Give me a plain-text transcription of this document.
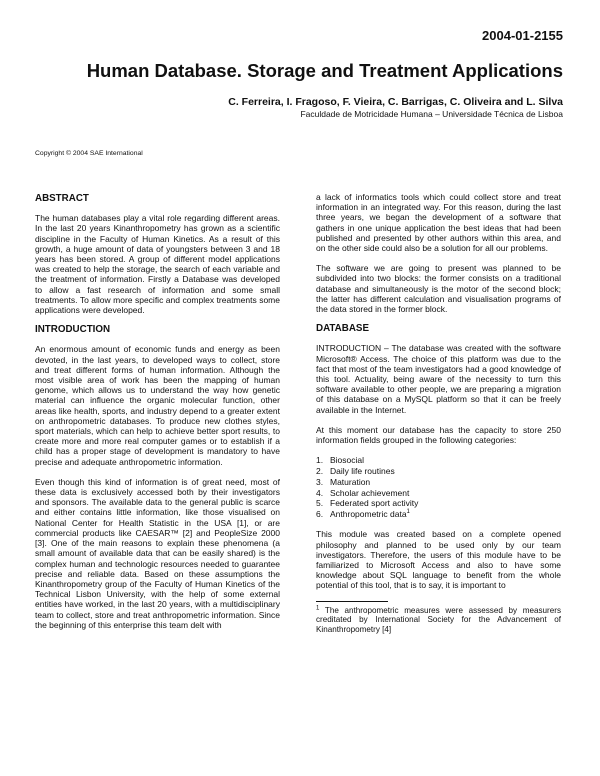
2004-01-2155
Human Database. Storage and Treatment Applications
C. Ferreira, I. Fragoso, F. Vieira, C. Barrigas, C. Oliveira and L. Silva
Faculdade de Motricidade Humana – Universidade Técnica de Lisboa
Copyright © 2004 SAE International
ABSTRACT

The human databases play a vital role regarding different areas. In the last 20 years Kinanthropometry has grown as a scientific discipline in the Faculty of Human Kinetics. As a result of this growth, a huge amount of data of youngsters between 3 and 18 years has been stored. A group of different model applications was created to help the storage, the search of each variable and the treatment of information. Firstly a Database was developed to allow a fast research of information and some small treatments. To allow more specific and complex treatments some applications were developed.

INTRODUCTION

An enormous amount of economic funds and energy as been devoted, in the last years, to developed ways to collect, store and treat different forms of human information. Although the most visible area of work has been the mapping of human genome, which allows us to understand the way how genetic material can influence the organic molecular function, other areas like health, sports, and industry depend to a greater extent on anthropometric databases. To produce new clothes styles, sport materials, which can help to achieve better sport results, to create more and more real computer games or to establish if a child has a proper stage of development is mandatory to have precise and adequate anthropometric information.

Even though this kind of information is of great need, most of these data is exclusively accessed both by their investigators and sponsors. The available data to the general public is scarce and either contains little information, like those visualised on National Center for Health Statistic in the USA [1], or are commercial products like CAESAR™ [2] and PeopleSize 2000 [3]. One of the main reasons to explain these phenomena (a small amount of available data that can be easily shared) is the complex human and technologic resources needed to guarantee precise and reliable data. Based on these assumptions the Kinanthropometry group of the Faculty of Human Kinetics of the Technical Lisbon University, with the help of some external entities have worked, in the last 20 years, with a multidisciplinary team to collect, store and treat anthropometric information. Since the beginning of this enterprise this team delt with

a lack of informatics tools which could collect store and treat information in an integrated way. For this reason, during the last three years, we began the development of a software that gathers in one unique application the best ideas that had been published and presented by other authors within this area, and on the other side could also be a solution for all our problems.

The software we are going to present was planned to be subdivided into two blocks: the former consists on a traditional database and simultaneously is the motor of the second block; the latter has different calculation and visualisation programs of the data stored in the former block.

DATABASE

INTRODUCTION – The database was created with the software Microsoft® Access. The choice of this platform was due to the fact that most of the team investigators had a good knowledge of this tool. Actuality, being aware of the necessity to turn this software available to other people, we are preparing a migration of this database on a MySQL platform so that it can be freely available in the Internet.

At this moment our database has the capacity to store 250 information fields grouped in the following categories:

1. Biosocial
2. Daily life routines
3. Maturation
4. Scholar achievement
5. Federated sport activity
6. Anthropometric data$^1$

This module was created based on a complete opened philosophy and planned to be used only by our team investigators. Therefore, the users of this module have to be familiarized to Microsoft Access and also to have some knowledge about SQL language to benefit from the whole potential of this tool, that is to say, it is important to

$^1$ The anthropometric measures were assessed by measurers creditated by International Society for the Advancement of Kinanthropometry [4]
